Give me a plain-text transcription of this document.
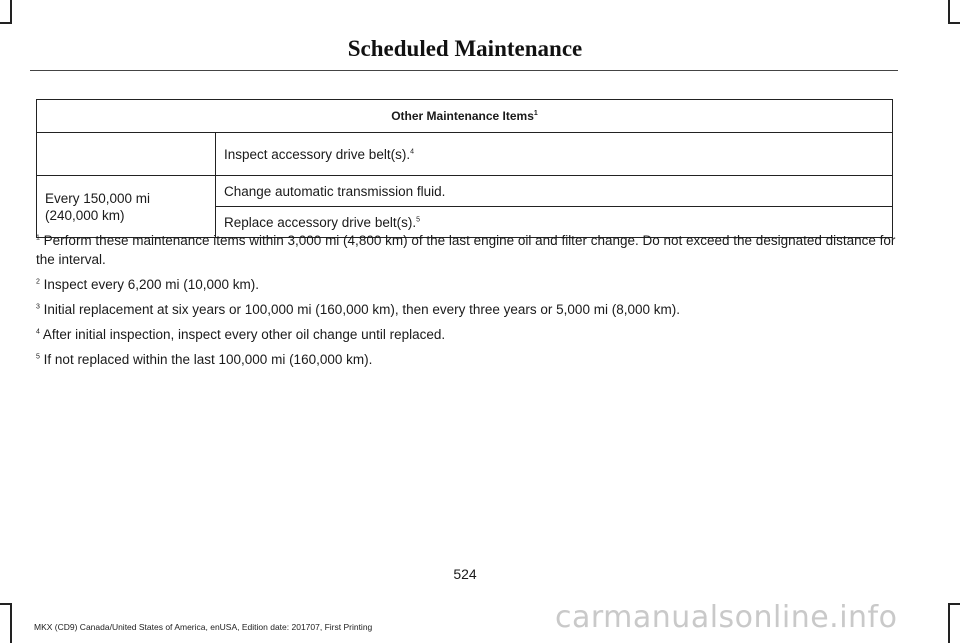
Scheduled Maintenance
Other Maintenance Items$^1$
	Inspect accessory drive belt(s).$^4$
Every 150,000 mi (240,000 km)	Change automatic transmission fluid.
	Replace accessory drive belt(s).$^5$

$^1$ Perform these maintenance items within 3,000 mi (4,800 km) of the last engine oil and filter change. Do not exceed the designated distance for the interval.

$^2$ Inspect every 6,200 mi (10,000 km).

$^3$ Initial replacement at six years or 100,000 mi (160,000 km), then every three years or 5,000 mi (8,000 km).

$^4$ After initial inspection, inspect every other oil change until replaced.

$^5$ If not replaced within the last 100,000 mi (160,000 km).

524
MKX (CD9) Canada/United States of America, enUSA, Edition date: 201707, First Printing	carmanualsonline.info
